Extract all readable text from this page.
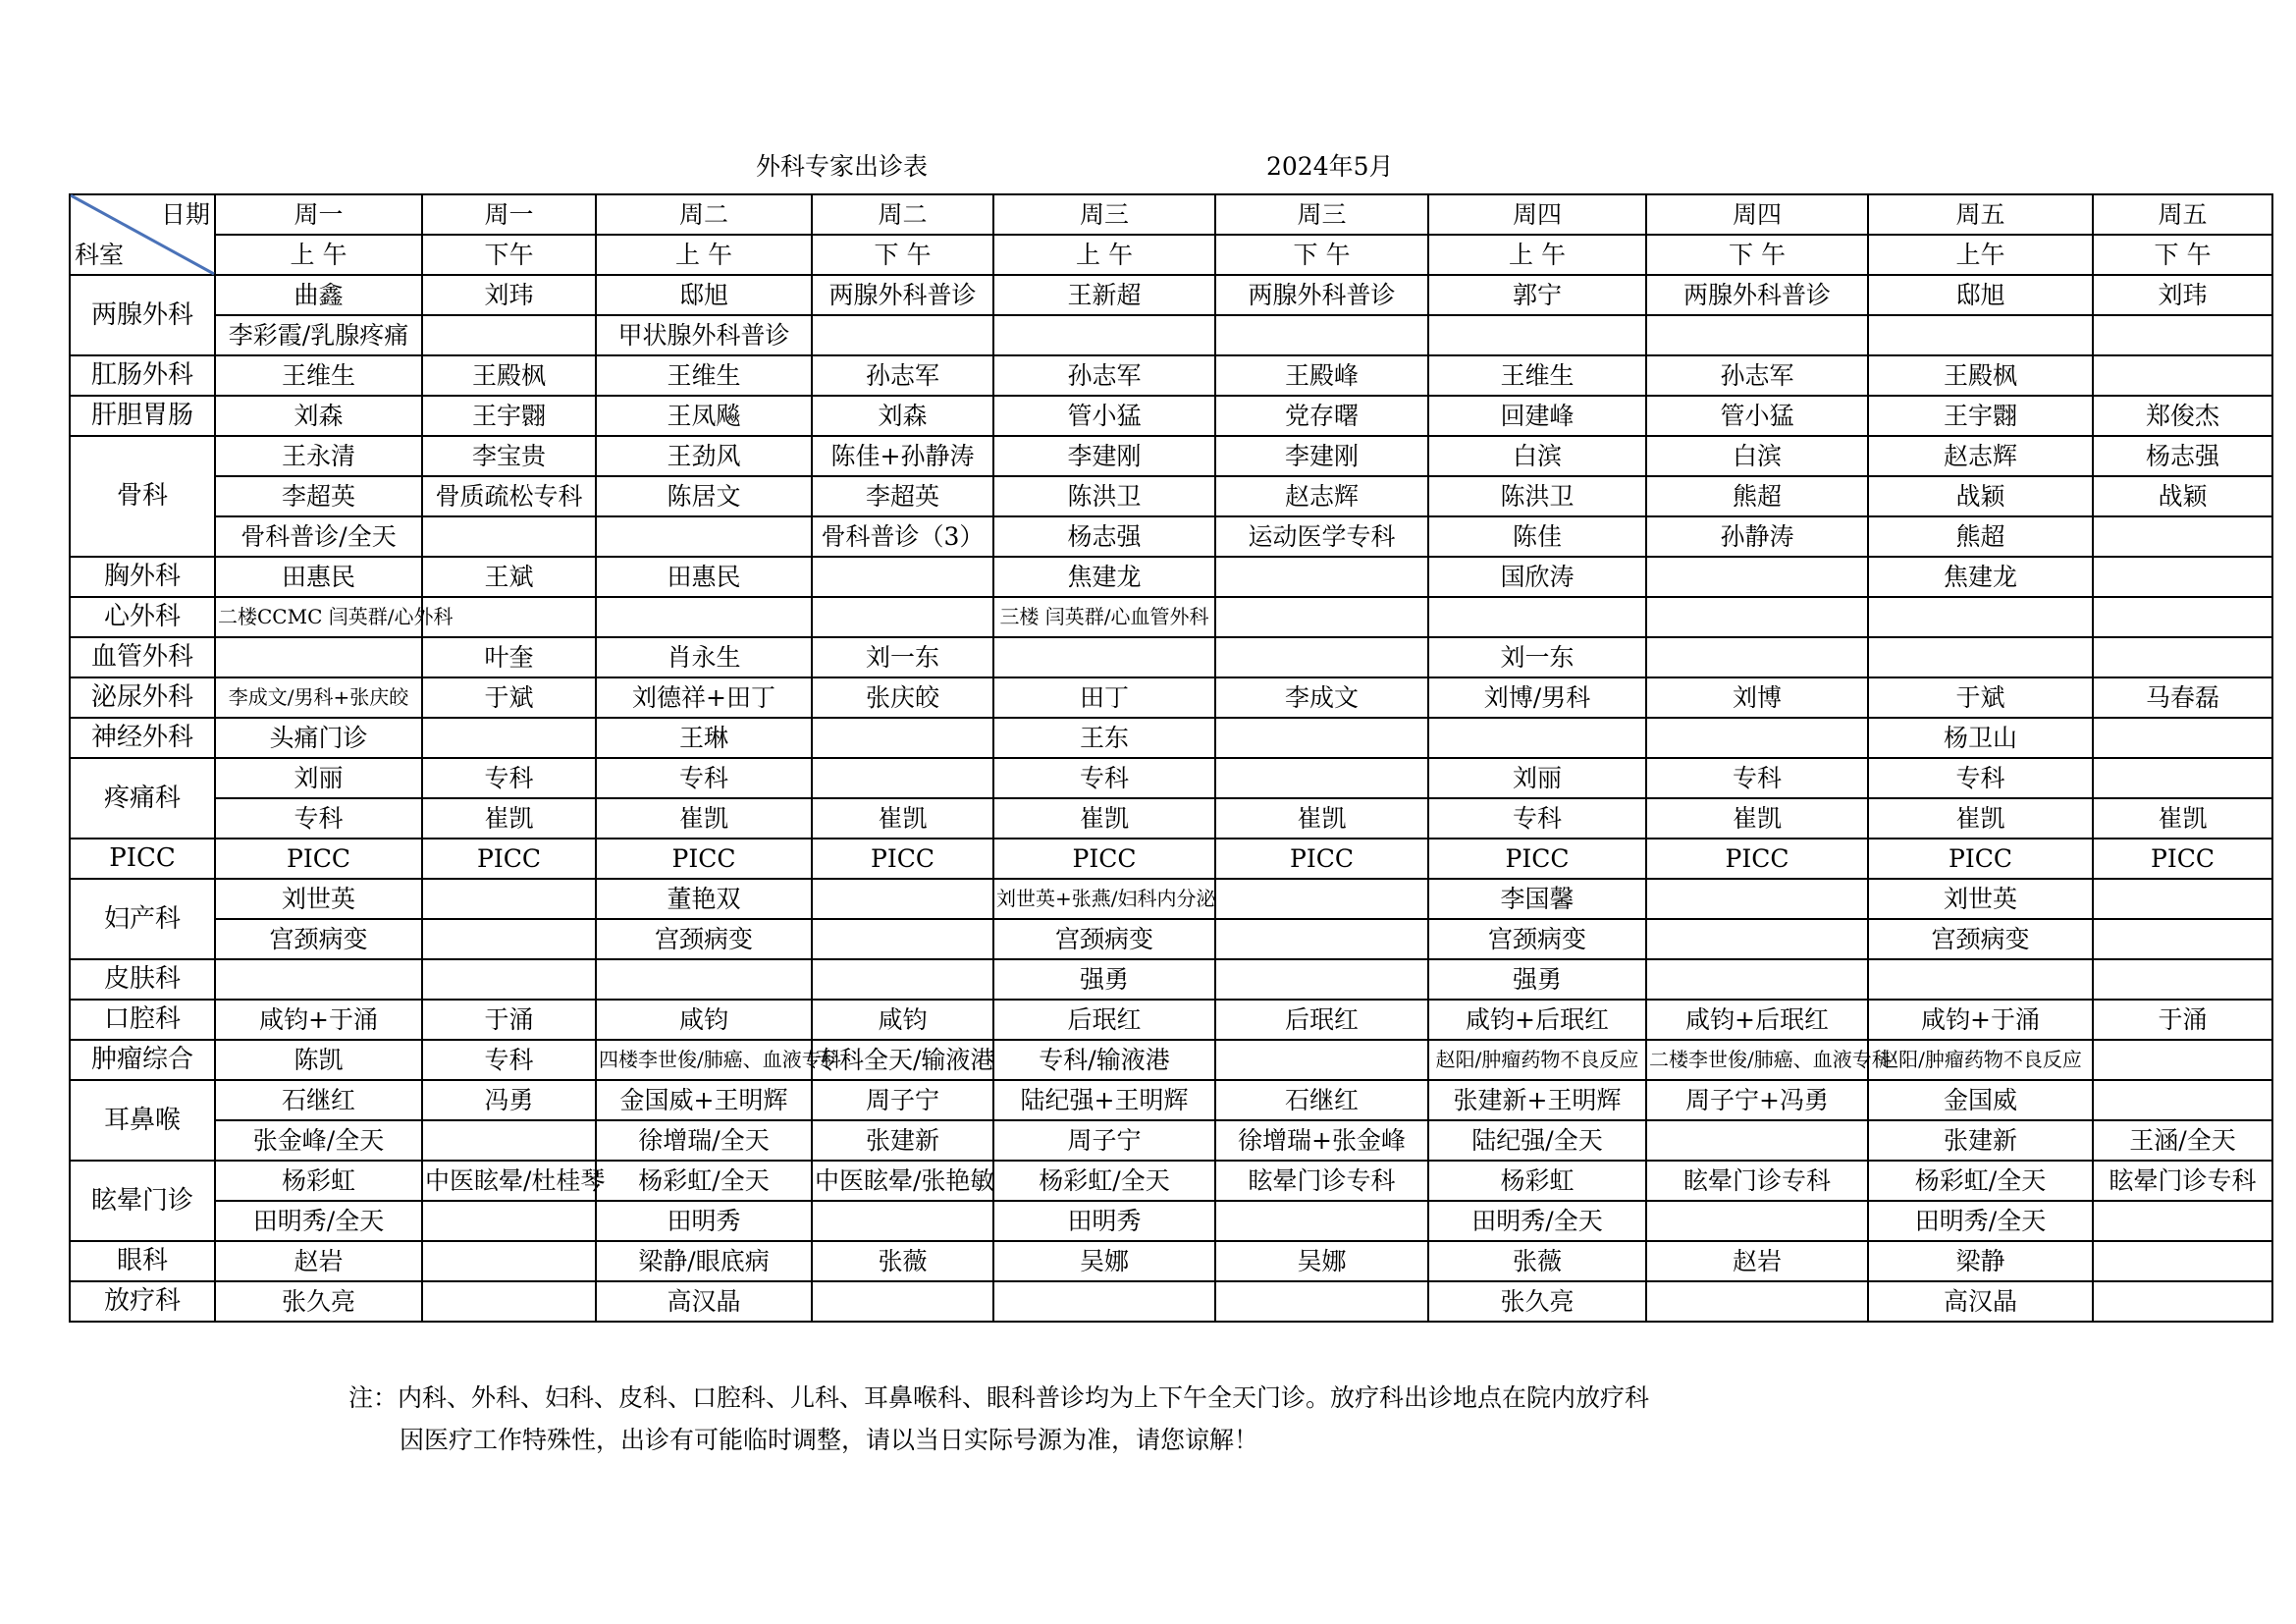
外科专家出诊表	2024年5月
日期
科室	周一	周一	周二	周二	周三	周三	周四	周四	周五	周五
	上 午	下午	上 午	下 午	上 午	下 午	上 午	下 午	上午	下 午
两腺外科	曲鑫	刘玮	邸旭	两腺外科普诊	王新超	两腺外科普诊	郭宁	两腺外科普诊	邸旭	刘玮
	李彩霞/乳腺疼痛		甲状腺外科普诊							
肛肠外科	王维生	王殿枫	王维生	孙志军	孙志军	王殿峰	王维生	孙志军	王殿枫	
肝胆胃肠	刘森	王宇翾	王凤飚	刘森	管小猛	党存曙	回建峰	管小猛	王宇翾	郑俊杰
骨科	王永清	李宝贵	王劲风	陈佳+孙静涛	李建刚	李建刚	白滨	白滨	赵志辉	杨志强
	李超英	骨质疏松专科	陈居文	李超英	陈洪卫	赵志辉	陈洪卫	熊超	战颖	战颖
	骨科普诊/全天			骨科普诊（3）	杨志强	运动医学专科	陈佳	孙静涛	熊超	
胸外科	田惠民	王斌	田惠民		焦建龙		国欣涛		焦建龙	
心外科	二楼CCMC 闫英群/心外科				三楼 闫英群/心血管外科					
血管外科		叶奎	肖永生	刘一东			刘一东			
泌尿外科	李成文/男科+张庆皎	于斌	刘德祥+田丁	张庆皎	田丁	李成文	刘博/男科	刘博	于斌	马春磊
神经外科	头痛门诊		王琳		王东				杨卫山	
疼痛科	刘丽	专科	专科		专科		刘丽	专科	专科	
	专科	崔凯	崔凯	崔凯	崔凯	崔凯	专科	崔凯	崔凯	崔凯
PICC	PICC	PICC	PICC	PICC	PICC	PICC	PICC	PICC	PICC	PICC
妇产科	刘世英		董艳双		刘世英+张燕/妇科内分泌		李国馨		刘世英	
	宫颈病变		宫颈病变		宫颈病变		宫颈病变		宫颈病变	
皮肤科					强勇		强勇			
口腔科	咸钧+于涌	于涌	咸钧	咸钧	后珉红	后珉红	咸钧+后珉红	咸钧+后珉红	咸钧+于涌	于涌
肿瘤综合	陈凯	专科	四楼李世俊/肺癌、血液专科	专科全天/输液港	专科/输液港		赵阳/肿瘤药物不良反应	二楼李世俊/肺癌、血液专科	赵阳/肿瘤药物不良反应	
耳鼻喉	石继红	冯勇	金国威+王明辉	周子宁	陆纪强+王明辉	石继红	张建新+王明辉	周子宁+冯勇	金国威	
	张金峰/全天		徐增瑞/全天	张建新	周子宁	徐增瑞+张金峰	陆纪强/全天		张建新	王涵/全天
眩晕门诊	杨彩虹	中医眩晕/杜桂琴	杨彩虹/全天	中医眩晕/张艳敏	杨彩虹/全天	眩晕门诊专科	杨彩虹	眩晕门诊专科	杨彩虹/全天	眩晕门诊专科
	田明秀/全天		田明秀		田明秀		田明秀/全天		田明秀/全天	
眼科	赵岩		梁静/眼底病	张薇	吴娜	吴娜	张薇	赵岩	梁静	
放疗科	张久亮		高汉晶				张久亮		高汉晶	
注：内科、外科、妇科、皮科、口腔科、儿科、耳鼻喉科、眼科普诊均为上下午全天门诊。放疗科出诊地点在院内放疗科
因医疗工作特殊性，出诊有可能临时调整，请以当日实际号源为准，请您谅解！
